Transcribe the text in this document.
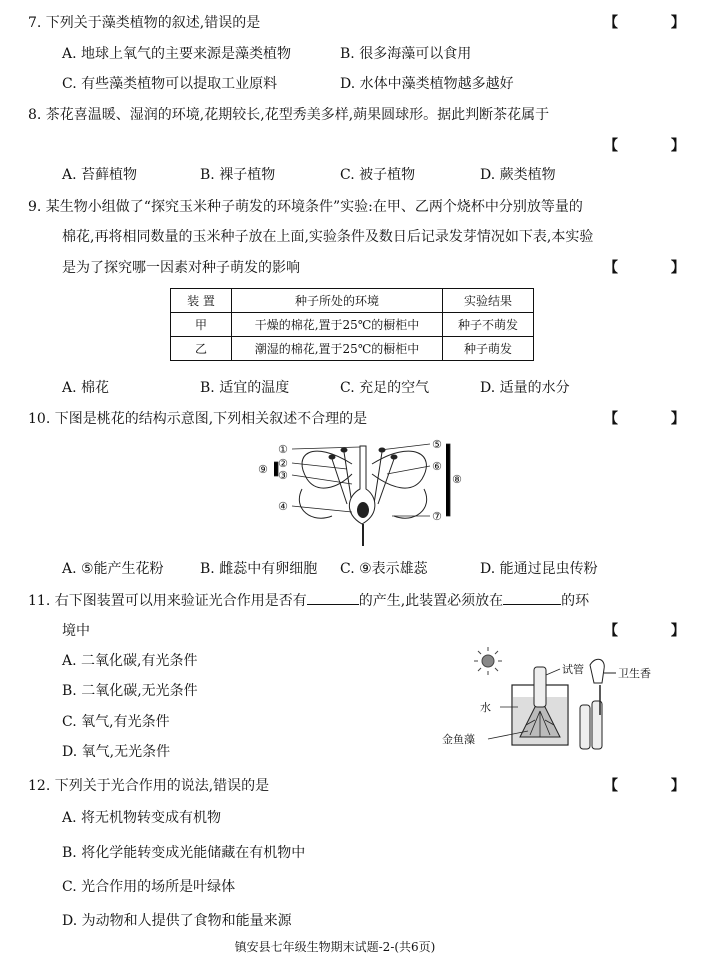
7. 下列关于藻类植物的叙述,错误的是	【 】
A. 地球上氧气的主要来源是藻类植物	B. 很多海藻可以食用
C. 有些藻类植物可以提取工业原料	D. 水体中藻类植物越多越好
8. 茶花喜温暖、湿润的环境,花期较长,花型秀美多样,蒴果圆球形。据此判断茶花属于
【 】
A. 苔藓植物	B. 裸子植物	C. 被子植物	D. 蕨类植物
9. 某生物小组做了“探究玉米种子萌发的环境条件”实验:在甲、乙两个烧杯中分别放等量的
棉花,再将相同数量的玉米种子放在上面,实验条件及数日后记录发芽情况如下表,本实验
是为了探究哪一因素对种子萌发的影响	【 】
装 置	种子所处的环境	实验结果
甲	干燥的棉花,置于25℃的橱柜中	种子不萌发
乙	潮湿的棉花,置于25℃的橱柜中	种子萌发
A. 棉花	B. 适宜的温度	C. 充足的空气	D. 适量的水分
10. 下图是桃花的结构示意图,下列相关叙述不合理的是	【 】
①
②
③
④
⑤
⑥
⑦
⑧
⑨
A. ⑤能产生花粉	B. 雌蕊中有卵细胞 C. ⑨表示雄蕊	D. 能通过昆虫传粉
11. 右下图装置可以用来验证光合作用是否有	的产生,此装置必须放在	的环
境中	【 】
A. 二氧化碳,有光条件
B. 二氧化碳,无光条件
C. 氧气,有光条件
D. 氧气,无光条件
试管
水
金鱼藻
卫生香
12. 下列关于光合作用的说法,错误的是	【 】
A. 将无机物转变成有机物
B. 将化学能转变成光能储藏在有机物中
C. 光合作用的场所是叶绿体
D. 为动物和人提供了食物和能量来源
镇安县七年级生物期末试题-2-(共6页)
